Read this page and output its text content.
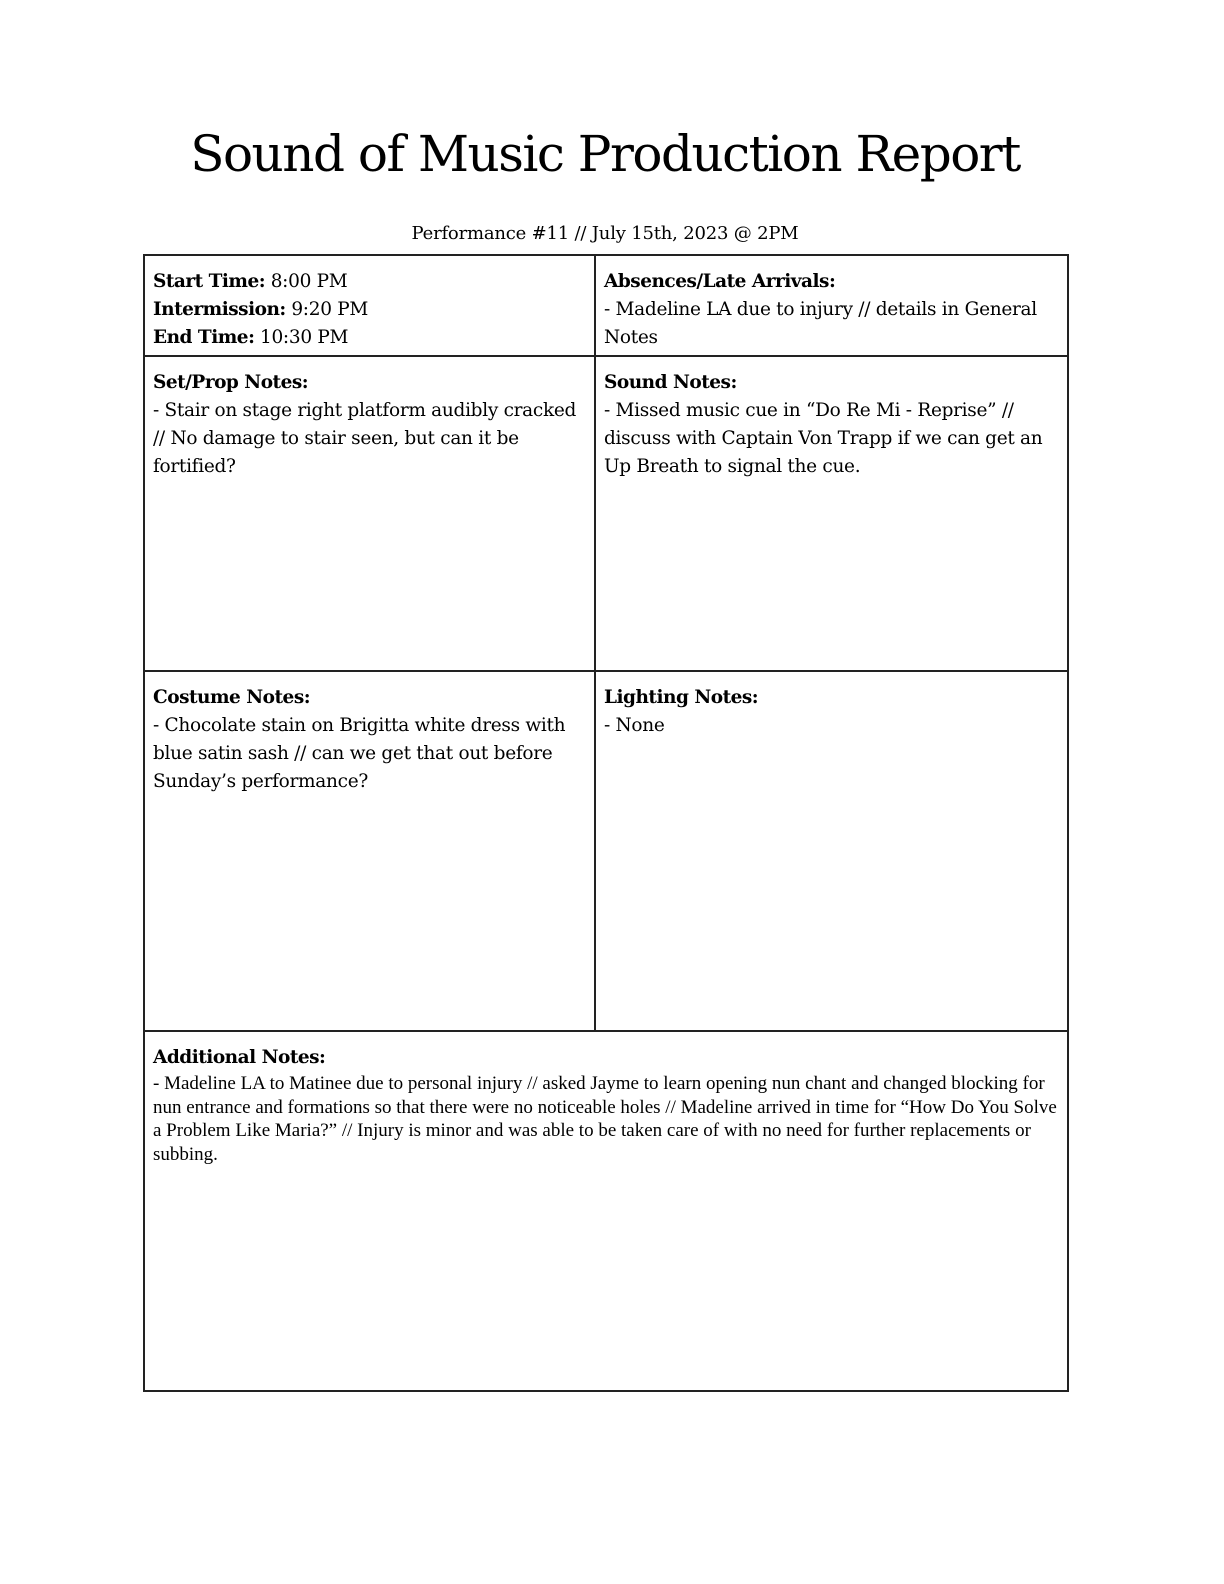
Sound of Music Production Report
Performance #11 // July 15th, 2023 @ 2PM
Start Time: 8:00 PM
Intermission: 9:20 PM
End Time: 10:30 PM
Absences/Late Arrivals:
- Madeline LA due to injury // details in General Notes
Set/Prop Notes:
- Stair on stage right platform audibly cracked // No damage to stair seen, but can it be fortified?
Sound Notes:
- Missed music cue in “Do Re Mi - Reprise” // discuss with Captain Von Trapp if we can get an Up Breath to signal the cue.
Costume Notes:
- Chocolate stain on Brigitta white dress with blue satin sash // can we get that out before Sunday’s performance?
Lighting Notes:
- None
Additional Notes:
- Madeline LA to Matinee due to personal injury // asked Jayme to learn opening nun chant and changed blocking for nun entrance and formations so that there were no noticeable holes // Madeline arrived in time for “How Do You Solve a Problem Like Maria?” // Injury is minor and was able to be taken care of with no need for further replacements or subbing.
